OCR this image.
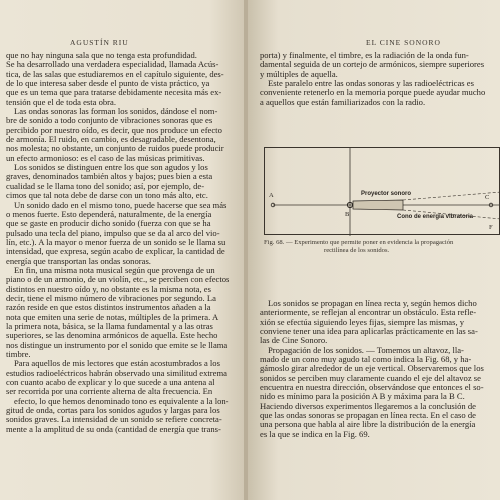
AGUSTÍN RIU
que no hay ninguna sala que no tenga esta profundidad.
Se ha desarrollado una verdadera especialidad, llamada Acús-
tica, de las salas que estudiaremos en el capítulo siguiente, des-
de lo que interesa saber desde el punto de vista práctico, ya
que es un tema que para tratarse debidamente necesita más ex-
tensión que el de toda esta obra.
Las ondas sonoras las forman los sonidos, dándose el nom-
bre de sonido a todo conjunto de vibraciones sonoras que es
percibido por nuestro oído, es decir, que nos produce un efecto
de armonía. El ruido, en cambio, es desagradable, desentona,
nos molesta; no obstante, un conjunto de ruidos puede producir
un efecto armonioso: es el caso de las músicas primitivas.
Los sonidos se distinguen entre los que son agudos y los
graves, denominados también altos y bajos; pues bien a esta
cualidad se le llama tono del sonido; así, por ejemplo, de-
cimos que tal nota debe de darse con un tono más alto, etc.
Un sonido dado en el mismo tono, puede hacerse que sea más
o menos fuerte. Esto dependerá, naturalmente, de la energía
que se gaste en producir dicho sonido (fuerza con que se ha
pulsado una tecla del piano, impulso que se da al arco del vio-
lín, etc.). A la mayor o menor fuerza de un sonido se le llama su
intensidad, que expresa, según acabo de explicar, la cantidad de
energía que transportan las ondas sonoras.
En fin, una misma nota musical según que provenga de un
piano o de un armonio, de un violín, etc., se perciben con efectos
distintos en nuestro oído y, no obstante es la misma nota, es
decir, tiene el mismo número de vibraciones por segundo. La
razón reside en que estos distintos instrumentos añaden a la
nota que emiten una serie de notas, múltiples de la primera. A
la primera nota, básica, se la llama fundamental y a las otras
superiores, se las denomina armónicos de aquella. Este hecho
nos distingue un instrumento por el sonido que emite se le llama
timbre.
Para aquellos de mis lectores que están acostumbrados a los
estudios radioeléctricos habrán observado una similitud extrema
con cuanto acabo de explicar y lo que sucede a una antena al
ser recorrida por una corriente alterna de alta frecuencia. En
efecto, lo que hemos denominado tono es equivalente a la lon-
gitud de onda, cortas para los sonidos agudos y largas para los
sonidos graves. La intensidad de un sonido se refiere concreta-
mente a la amplitud de su onda (cantidad de energía que trans-
EL CINE SONORO
porta) y finalmente, el timbre, es la radiación de la onda fun-
damental seguida de un cortejo de armónicos, siempre superiores
y múltiples de aquella.
Este paralelo entre las ondas sonoras y las radioeléctricas es
conveniente retenerlo en la memoria porque puede ayudar mucho
a aquellos que están familiarizados con la radio.
A
B
C
F
Proyector sonoro
Cono de energía vibratoria
Fig. 68. — Experimento que permite poner en evidencia la propagación
rectilínea de los sonidos.
Los sonidos se propagan en línea recta y, según hemos dicho
anteriormente, se reflejan al encontrar un obstáculo. Esta refle-
xión se efectúa siguiendo leyes fijas, siempre las mismas, y
conviene tener una idea para aplicarlas prácticamente en las sa-
las de Cine Sonoro.
Propagación de los sonidos. — Tomemos un altavoz, lla-
mado de un cono muy agudo tal como indica la Fig. 68, y ha-
gámoslo girar alrededor de un eje vertical. Observaremos que los
sonidos se perciben muy claramente cuando el eje del altavoz se
encuentra en nuestra dirección, observándose que entonces el so-
nido es mínimo para la posición A B y máxima para la B C.
Haciendo diversos experimentos llegaremos a la conclusión de
que las ondas sonoras se propagan en línea recta. En el caso de
una persona que habla al aire libre la distribución de la energía
es la que se indica en la Fig. 69.
